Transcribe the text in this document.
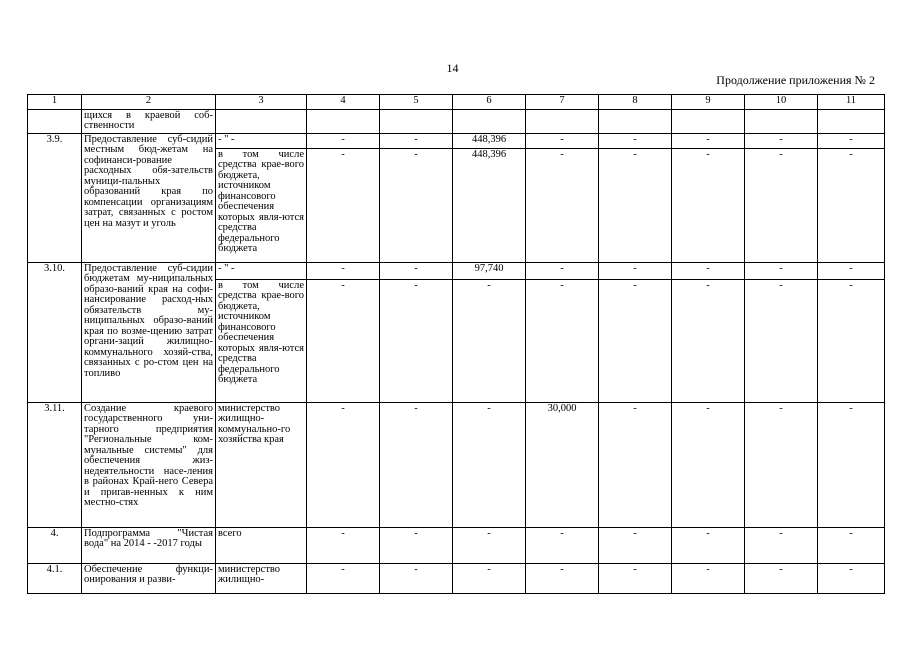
14
Продолжение приложения № 2
1	2	3	4	5	6	7	8	9	10	11
	щихся в краевой соб-ственности									
3.9.	Предоставление суб-сидий местным бюд-жетам на софинанси-рование расходных обя-зательств муници-пальных образований края по компенсации организациям затрат, связанных с ростом цен на мазут и уголь	- " -	-	-	448,396	-	-	-	-	-
		в том числе средства крае-вого бюджета, источником финансового обеспечения которых явля-ются средства федерального бюджета	-	-	448,396	-	-	-	-	-
3.10.	Предоставление суб-сидии бюджетам му-ниципальных образо-ваний края на софи-нансирование расход-ных обязательств му-ниципальных образо-ваний края по возме-щению затрат органи-заций жилищно-коммунального хозяй-ства, связанных с ро-стом цен на топливо	- " -	-	-	97,740	-	-	-	-	-
		в том числе средства крае-вого бюджета, источником финансового обеспечения которых явля-ются средства федерального бюджета	-	-	-	-	-	-	-	-
3.11.	Создание краевого государственного уни-тарного предприятия "Региональные ком-мунальные системы" для обеспечения жиз-недеятельности насе-ления в районах Край-него Севера и приrав-ненных к ним местно-стях	министерство жилищно-коммунально-го хозяйства края	-	-	-	30,000	-	-	-	-
4.	Подпрограмма "Чистая вода" на 2014 - -2017 годы	всего	-	-	-	-	-	-	-	-
4.1.	Обеспечение функци-онирования и разви-	министерство жилищно-	-	-	-	-	-	-	-	-
